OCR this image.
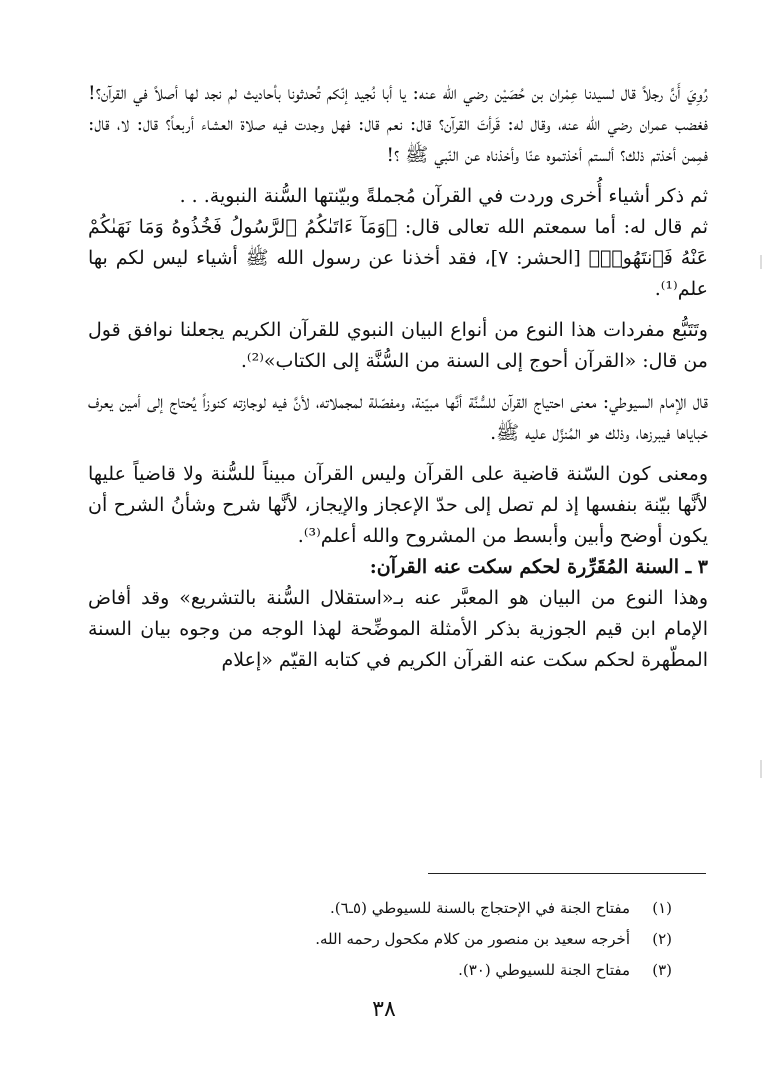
رُوِيَ أَنَّ رجلاً قال لسيدنا عِمْران بن حُصَيْن رضي الله عنه: يا أبا نُجيد إنّكم تُحدثونا بأحاديث لم نجد لها أصلاً في القرآن؟! فغضب عمران رضي الله عنه، وقال له: قَرأتَ القرآن؟ قال: نعم قال: فهل وجدت فيه صلاة العشاء أربعاً؟ قال: لا، قال: فمِمن أخذتم ذلك؟ ألستم أخذتموه عنّا وأخذناه عن النّبي ﷺ ؟!

ثم ذكر أشياء أُخرى وردت في القرآن مُجملةً وبيّنتها السُّنة النبوية. . .

ثم قال له: أما سمعتم الله تعالى قال: ﴿وَمَآ ءَاتَىٰكُمُ ٱلرَّسُولُ فَخُذُوهُ وَمَا نَهَىٰكُمْ عَنْهُ فَٱنتَهُوا۟﴾ [الحشر: ٧]، فقد أخذنا عن رسول الله ﷺ أشياء ليس لكم بها علم⁽¹⁾.

وتَتَبُّع مفردات هذا النوع من أنواع البيان النبوي للقرآن الكريم يجعلنا نوافق قول من قال: «القرآن أحوج إلى السنة من السُّنَّة إلى الكتاب»⁽²⁾.

قال الإمام السيوطي: معنى احتياج القرآن للسُّنَّة أنَّها مبيّنة، ومفصّلة لمجملاته، لأنَّ فيه لوجازته كنوزاً يُحتاج إلى أمين يعرف خباياها فيبرزها، وذلك هو المُنزَّل عليه ﷺ.

ومعنى كون السّنة قاضية على القرآن وليس القرآن مبيناً للسُّنة ولا قاضياً عليها لأنَّها بيّنة بنفسها إذ لم تصل إلى حدّ الإعجاز والإيجاز، لأنَّها شرح وشأنُ الشرح أن يكون أوضح وأبين وأبسط من المشروح والله أعلم⁽³⁾.

٣ ـ السنة المُقَرِّرة لحكم سكت عنه القرآن:

وهذا النوع من البيان هو المعبَّر عنه بـ«استقلال السُّنة بالتشريع» وقد أفاض الإمام ابن قيم الجوزية بذكر الأمثلة الموضِّحة لهذا الوجه من وجوه بيان السنة المطّهرة لحكم سكت عنه القرآن الكريم في كتابه القيّم «إعلام

(١)
مفتاح الجنة في الإحتجاج بالسنة للسيوطي (٥ـ٦).
(٢)
أخرجه سعيد بن منصور من كلام مكحول رحمه الله.
(٣)
مفتاح الجنة للسيوطي (٣٠).
٣٨
